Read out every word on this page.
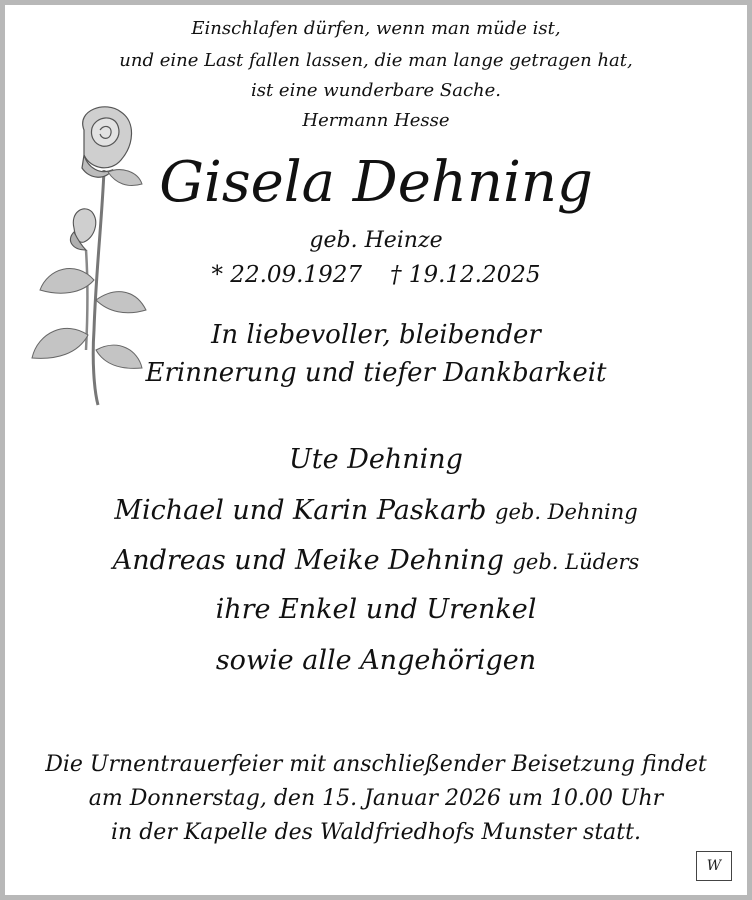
Einschlafen dürfen, wenn man müde ist,
und eine Last fallen lassen, die man lange getragen hat,
ist eine wunderbare Sache.
Hermann Hesse
Gisela Dehning
geb. Heinze
* 22.09.1927 † 19.12.2025
In liebevoller, bleibender
Erinnerung und tiefer Dankbarkeit
Ute Dehning
Michael und Karin Paskarb geb. Dehning
Andreas und Meike Dehning geb. Lüders
ihre Enkel und Urenkel
sowie alle Angehörigen
Die Urnentrauerfeier mit anschließender Beisetzung findet
am Donnerstag, den 15. Januar 2026 um 10.00 Uhr
in der Kapelle des Waldfriedhofs Munster statt.
W
